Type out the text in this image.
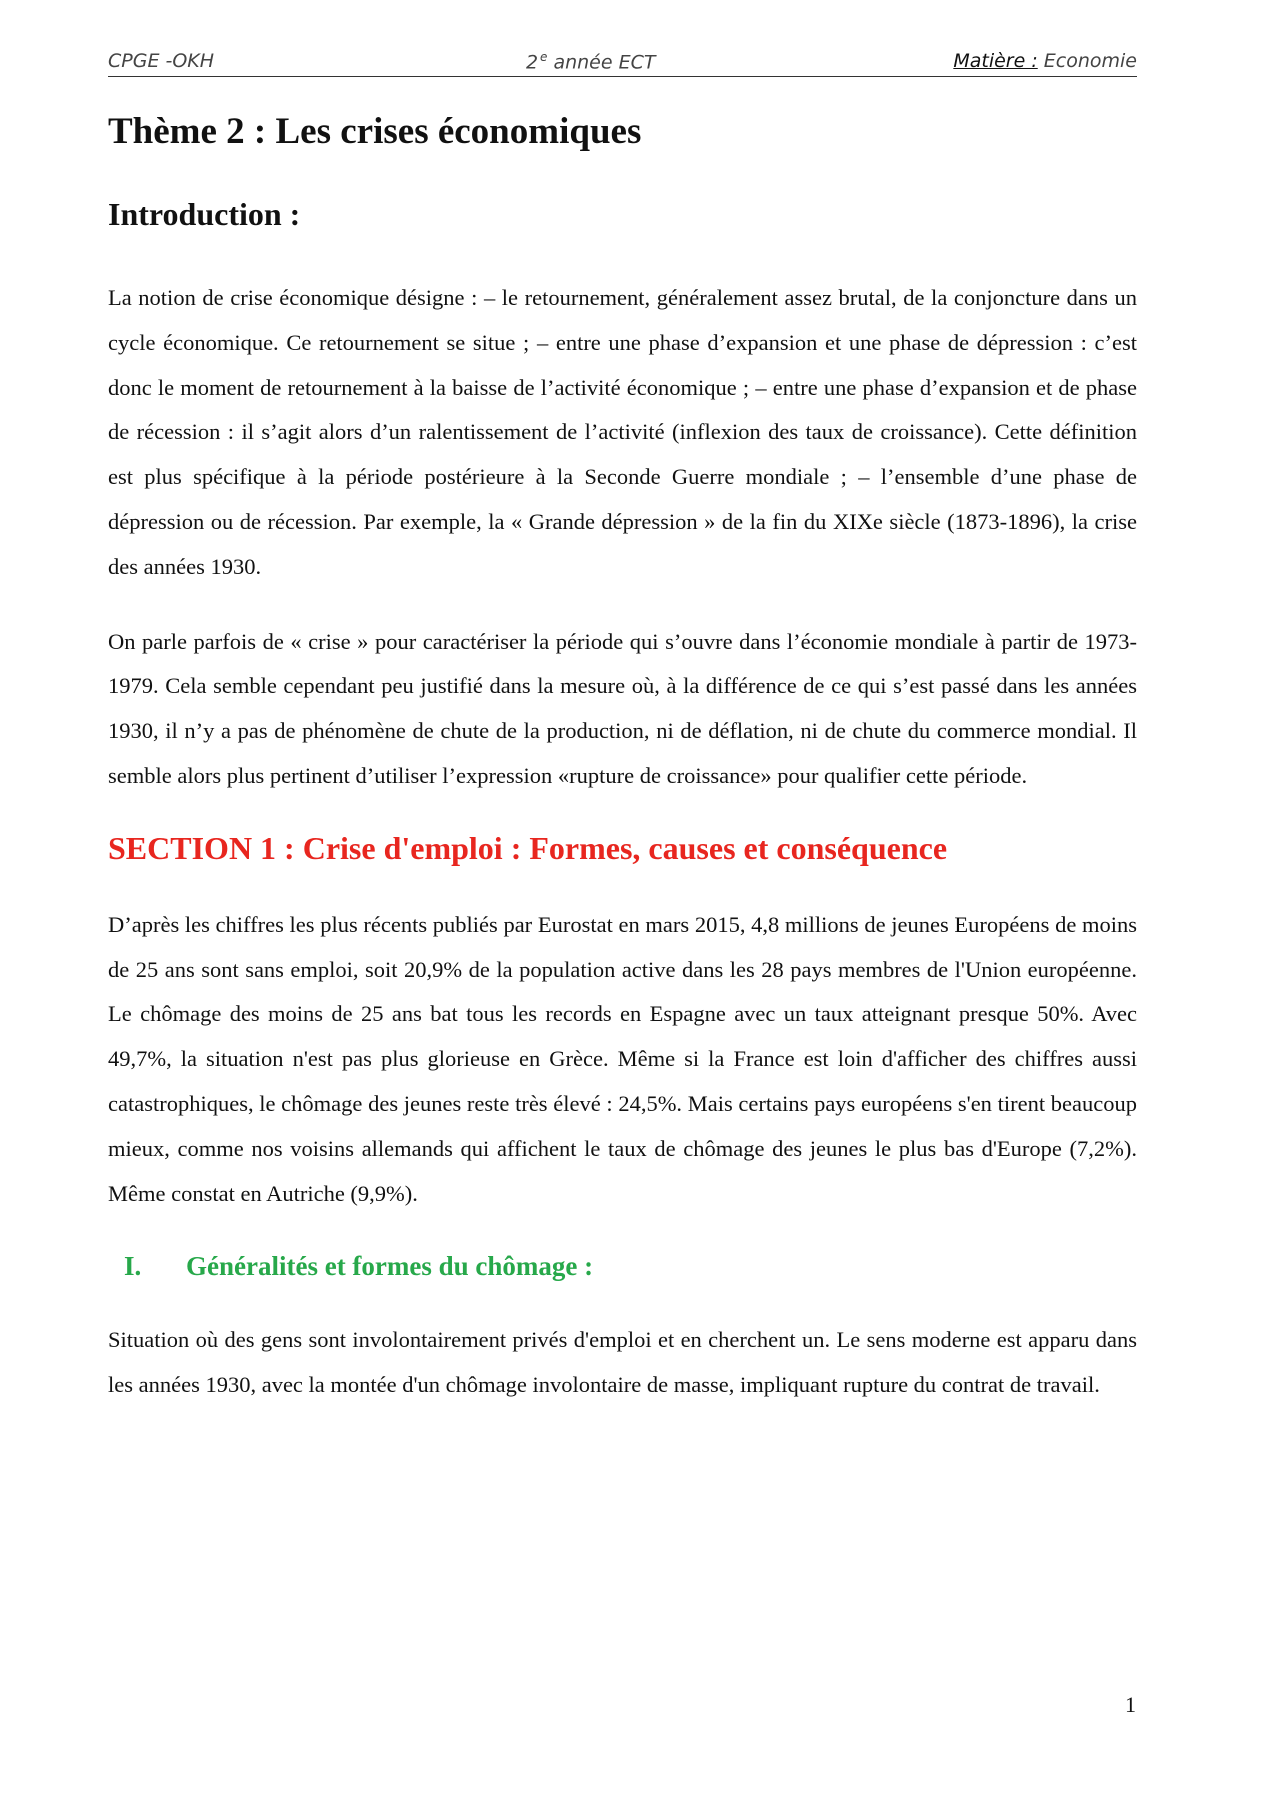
CPGE -OKH	2  $^e$ année ECT	Matière : Economie
Thème 2 : Les crises économiques
Introduction :

La notion de crise économique désigne : – le retournement, généralement assez brutal, de la conjoncture dans un cycle économique. Ce retournement se situe ; – entre une phase d’expansion et une phase de dépression : c’est donc le moment de retournement à la baisse de l’activité économique ; – entre une phase d’expansion et de phase de récession : il s’agit alors d’un ralentissement de l’activité (inflexion des taux de croissance). Cette définition est plus spécifique à la période postérieure à la Seconde Guerre mondiale ; – l’ensemble d’une phase de dépression ou de récession. Par exemple, la « Grande dépression » de la fin du XIXe siècle (1873-1896), la crise des années 1930.

On parle parfois de « crise » pour caractériser la période qui s’ouvre dans l’économie mondiale à partir de 1973-1979. Cela semble cependant peu justifié dans la mesure où, à la différence de ce qui s’est passé dans les années 1930, il n’y a pas de phénomène de chute de la production, ni de déflation, ni de chute du commerce mondial. Il semble alors plus pertinent d’utiliser l’expression «rupture de croissance» pour qualifier cette période.

SECTION 1 : Crise d'emploi : Formes, causes et conséquence

D’après les chiffres les plus récents publiés par Eurostat en mars 2015, 4,8 millions de jeunes Européens de moins de 25 ans sont sans emploi, soit 20,9% de la population active dans les 28 pays membres de l'Union européenne. Le chômage des moins de 25 ans bat tous les records en Espagne avec un taux atteignant presque 50%. Avec 49,7%, la situation n'est pas plus glorieuse en Grèce. Même si la France est loin d'afficher des chiffres aussi catastrophiques, le chômage des jeunes reste très élevé : 24,5%. Mais certains pays européens s'en tirent beaucoup mieux, comme nos voisins allemands qui affichent le taux de chômage des jeunes le plus bas d'Europe (7,2%). Même constat en Autriche (9,9%).

I. Généralités et formes du chômage :

Situation où des gens sont involontairement privés d'emploi et en cherchent un. Le sens moderne est apparu dans les années 1930, avec la montée d'un chômage involontaire de masse, impliquant rupture du contrat de travail.

1
